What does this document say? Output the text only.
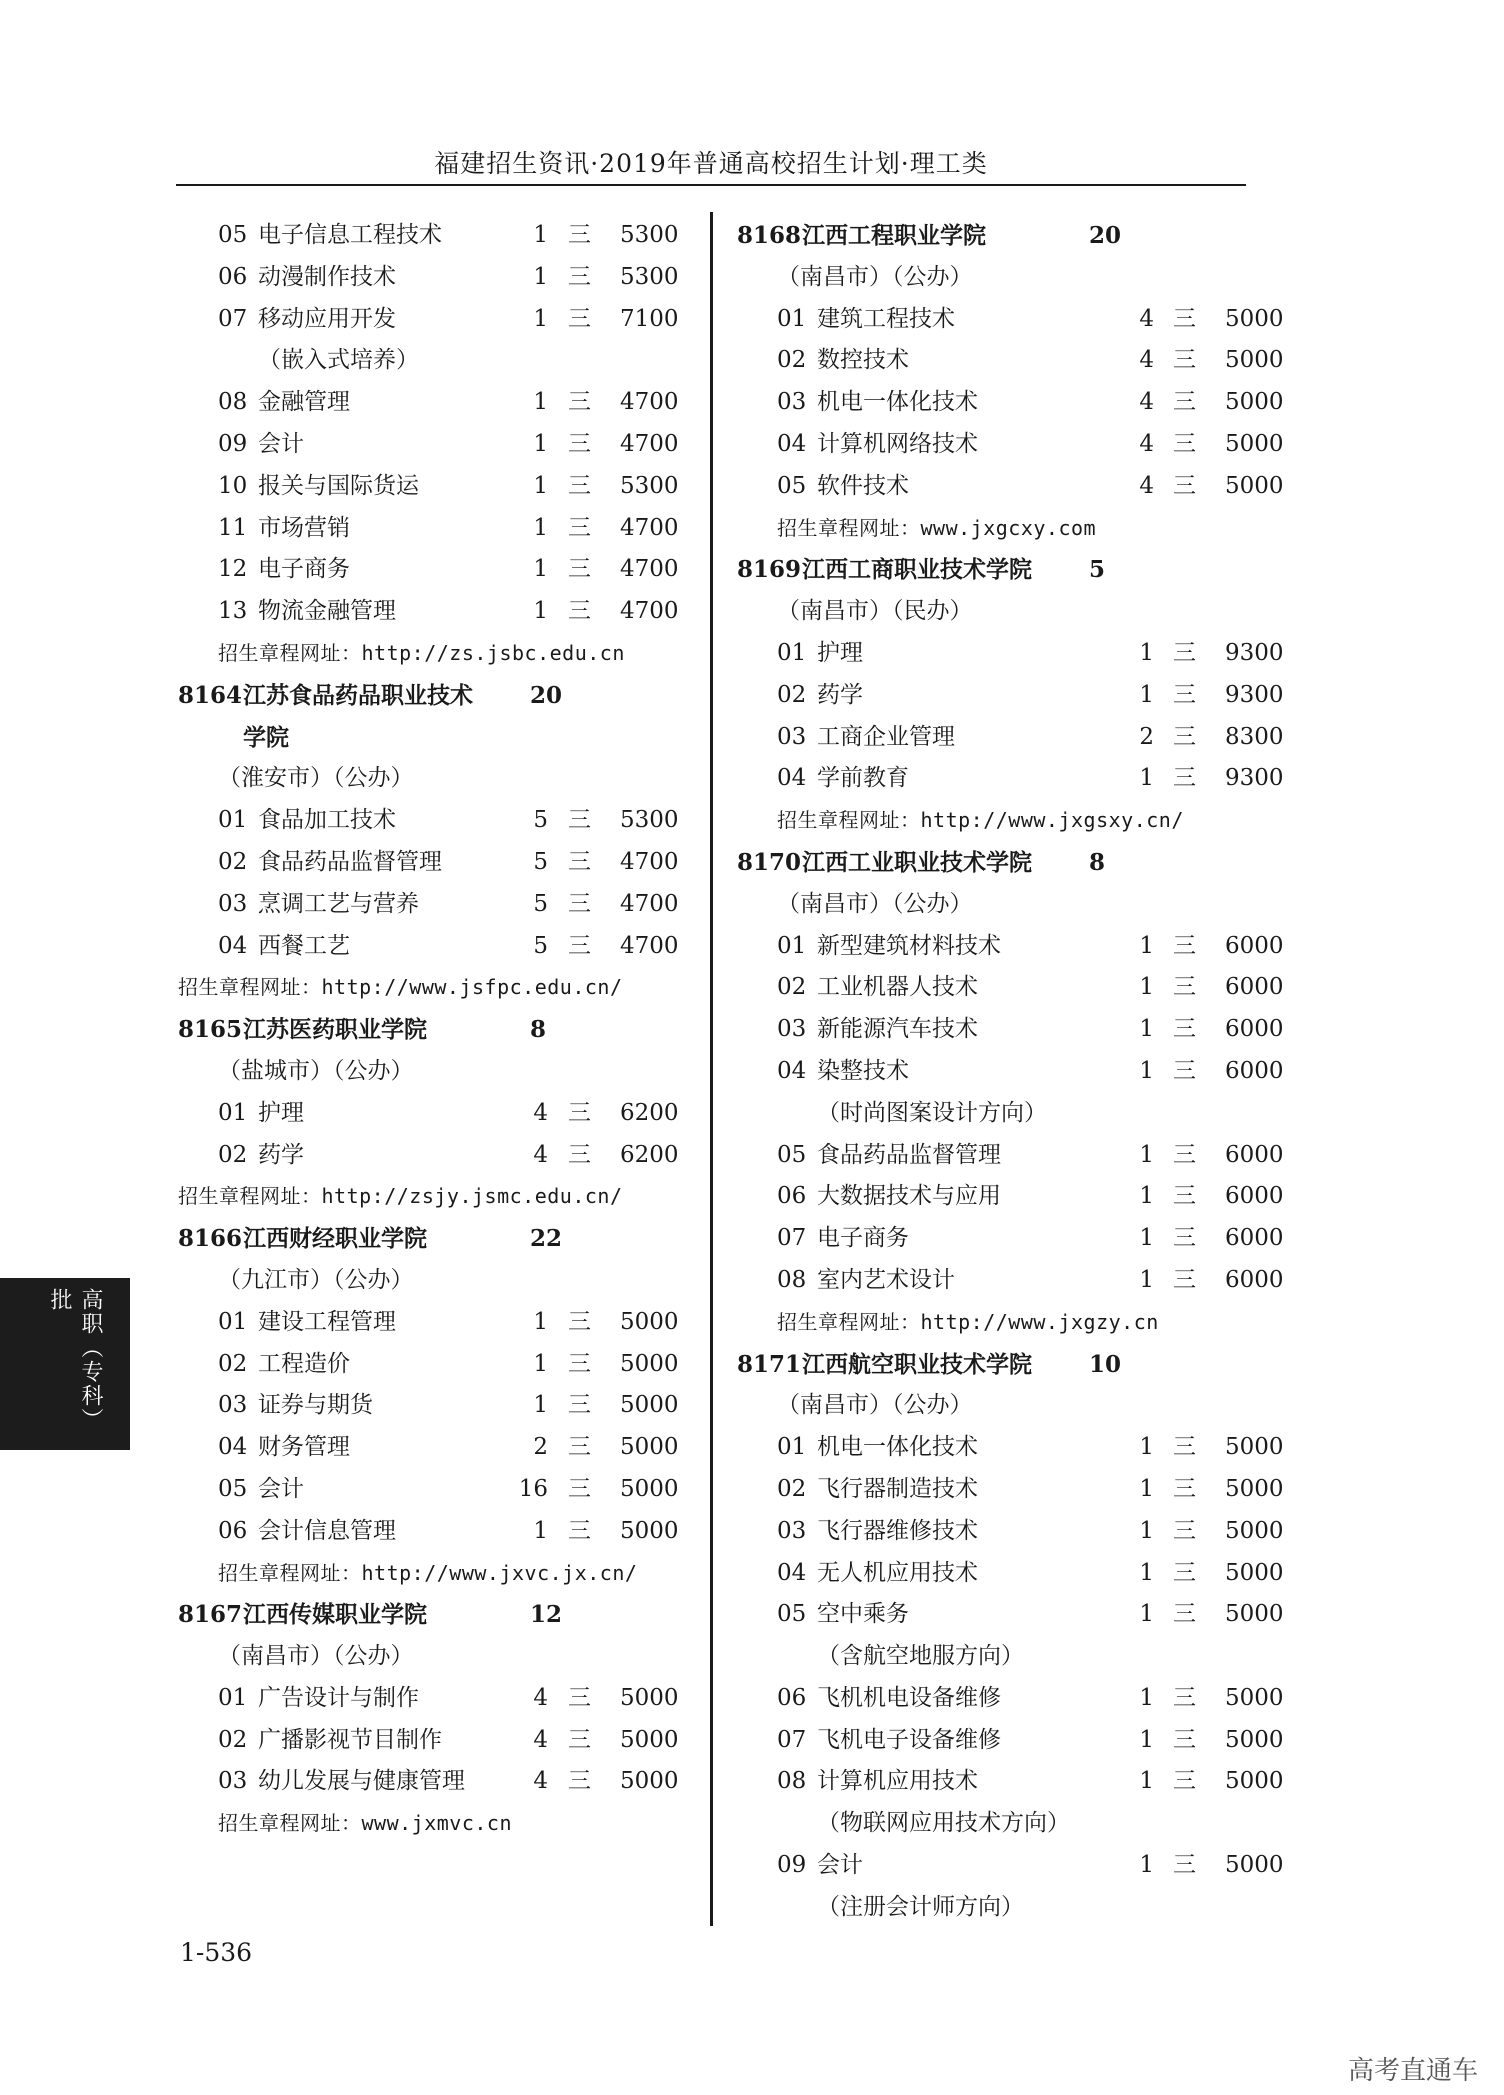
福建招生资讯·2019年普通高校招生计划·理工类
05 电子信息工程技术	1 三 5300
06 动漫制作技术	1 三 5300
07 移动应用开发	1 三 7100
（嵌入式培养）
08 金融管理	1 三 4700
09 会计	1 三 4700
10 报关与国际货运	1 三 5300
11 市场营销	1 三 4700
12 电子商务	1 三 4700
13 物流金融管理	1 三 4700
招生章程网址：http://zs.jsbc.edu.cn
8164 江苏食品药品职业技术 20
学院
（淮安市）（公办）
01 食品加工技术	5 三 5300
02 食品药品监督管理	5 三 4700
03 烹调工艺与营养	5 三 4700
04 西餐工艺	5 三 4700
招生章程网址：http://www.jsfpc.edu.cn/
8165 江苏医药职业学院	8
（盐城市）（公办）
01 护理	4 三 6200
02 药学	4 三 6200
招生章程网址：http://zsjy.jsmc.edu.cn/
8166 江西财经职业学院	22
（九江市）（公办）
01 建设工程管理	1 三 5000
02 工程造价	1 三 5000
03 证券与期货	1 三 5000
04 财务管理	2 三 5000
05 会计	16 三 5000
06 会计信息管理	1 三 5000
招生章程网址：http://www.jxvc.jx.cn/
8167 江西传媒职业学院	12
（南昌市）（公办）
01 广告设计与制作	4 三 5000
02 广播影视节目制作	4 三 5000
03 幼儿发展与健康管理	4 三 5000
招生章程网址：www.jxmvc.cn
8168 江西工程职业学院	20
（南昌市）（公办）
01 建筑工程技术	4 三 5000
02 数控技术	4 三 5000
03 机电一体化技术	4 三 5000
04 计算机网络技术	4 三 5000
05 软件技术	4 三 5000
招生章程网址：www.jxgcxy.com
8169 江西工商职业技术学院 5
（南昌市）（民办）
01 护理	1 三 9300
02 药学	1 三 9300
03 工商企业管理	2 三 8300
04 学前教育	1 三 9300
招生章程网址：http://www.jxgsxy.cn/
8170 江西工业职业技术学院 8
（南昌市）（公办）
01 新型建筑材料技术	1 三 6000
02 工业机器人技术	1 三 6000
03 新能源汽车技术	1 三 6000
04 染整技术	1 三 6000
（时尚图案设计方向）
05 食品药品监督管理	1 三 6000
06 大数据技术与应用	1 三 6000
07 电子商务	1 三 6000
08 室内艺术设计	1 三 6000
招生章程网址：http://www.jxgzy.cn
8171 江西航空职业技术学院 10
（南昌市）（公办）
01 机电一体化技术	1 三 5000
02 飞行器制造技术	1 三 5000
03 飞行器维修技术	1 三 5000
04 无人机应用技术	1 三 5000
05 空中乘务	1 三 5000
（含航空地服方向）
06 飞机机电设备维修	1 三 5000
07 飞机电子设备维修	1 三 5000
08 计算机应用技术	1 三 5000
（物联网应用技术方向）
09 会计	1 三 5000
（注册会计师方向）
高职（专科）批
1-536
高考直通车
